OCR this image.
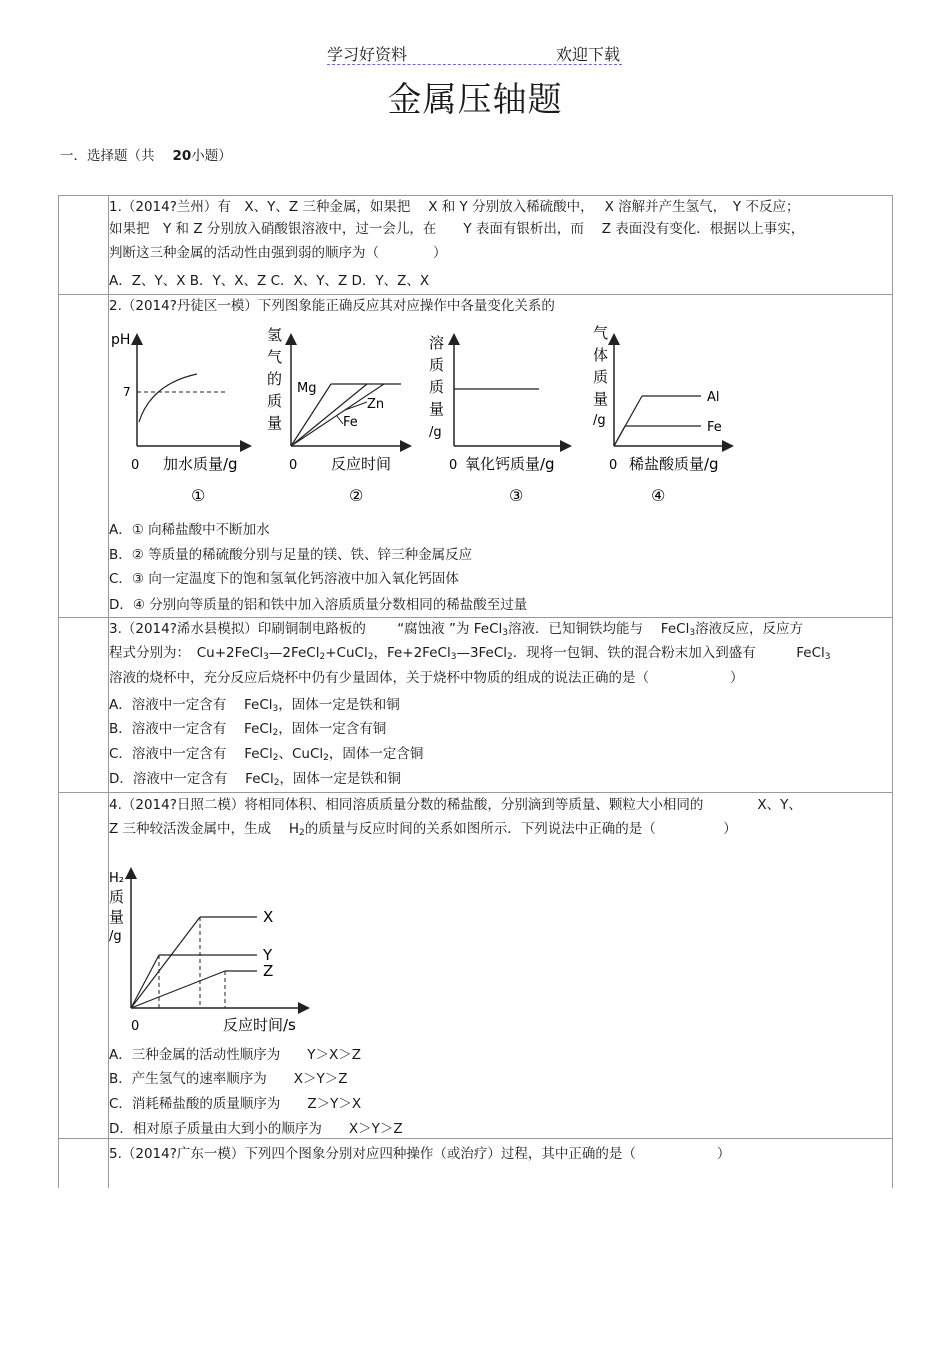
学习好资料	欢迎下载
金属压轴题
一．选择题（共 20小题）
1.（2014?兰州）有　X、Y、Z 三种金属，如果把　 X 和 Y 分别放入稀硫酸中，　 X 溶解并产生氢气，　Y 不反应；
如果把　Y 和 Z 分别放入硝酸银溶液中，过一会儿，在　　Y 表面有银析出，而　 Z 表面没有变化．根据以上事实，
判断这三种金属的活动性由强到弱的顺序为（　　　　）
A．Z、Y、X B．Y、X、Z C．X、Y、Z D．Y、Z、X
2.（2014?丹徒区一模）下列图象能正确反应其对应操作中各量变化关系的
pH
7
0 加水质量/g
①
氢
气
的
质
量
Mg
Zn
Fe
0 反应时间
②
溶
质
质
量
/g
0 氧化钙质量/g
③
气
体
质
量
/g
Al
Fe
0 稀盐酸质量/g
④
A．① 向稀盐酸中不断加水
B．② 等质量的稀硫酸分别与足量的镁、铁、锌三种金属反应
C．③ 向一定温度下的饱和氢氧化钙溶液中加入氧化钙固体
D．④ 分别向等质量的铝和铁中加入溶质质量分数相同的稀盐酸至过量
3.（2014?浠水县模拟）印刷铜制电路板的　　 “腐蚀液 ”为 FeCl$_3$溶液．已知铜铁均能与　 FeCl$_3$溶液反应，反应方
程式分别为：　Cu+2FeCl$_3$—2FeCl$_2$+CuCl$_2$，Fe+2FeCl$_3$—3FeCl$_2$．现将一包铜、铁的混合粉末加入到盛有　　　FeCl$_3$
溶液的烧杯中，充分反应后烧杯中仍有少量固体，关于烧杯中物质的组成的说法正确的是（　　　　　　）
A．溶液中一定含有　 FeCl$_3$，固体一定是铁和铜
B．溶液中一定含有　 FeCl$_2$，固体一定含有铜
C．溶液中一定含有　 FeCl$_2$、CuCl$_2$，固体一定含铜
D．溶液中一定含有　 FeCl$_2$，固体一定是铁和铜
4.（2014?日照二模）将相同体积、相同溶质质量分数的稀盐酸，分别滴到等质量、颗粒大小相同的　　　　X、Y、
Z 三种较活泼金属中，生成　 $H_2$的质量与反应时间的关系如图所示．下列说法中正确的是（　　　　　）
H₂
质
量
/g
X
Y
Z
0	反应时间/s
A．三种金属的活动性顺序为　　Y＞X＞Z
B．产生氢气的速率顺序为　　X＞Y＞Z
C．消耗稀盐酸的质量顺序为　　Z＞Y＞X
D．相对原子质量由大到小的顺序为　　X＞Y＞Z
5.（2014?广东一模）下列四个图象分别对应四种操作（或治疗）过程，其中正确的是（　　　　　　）
